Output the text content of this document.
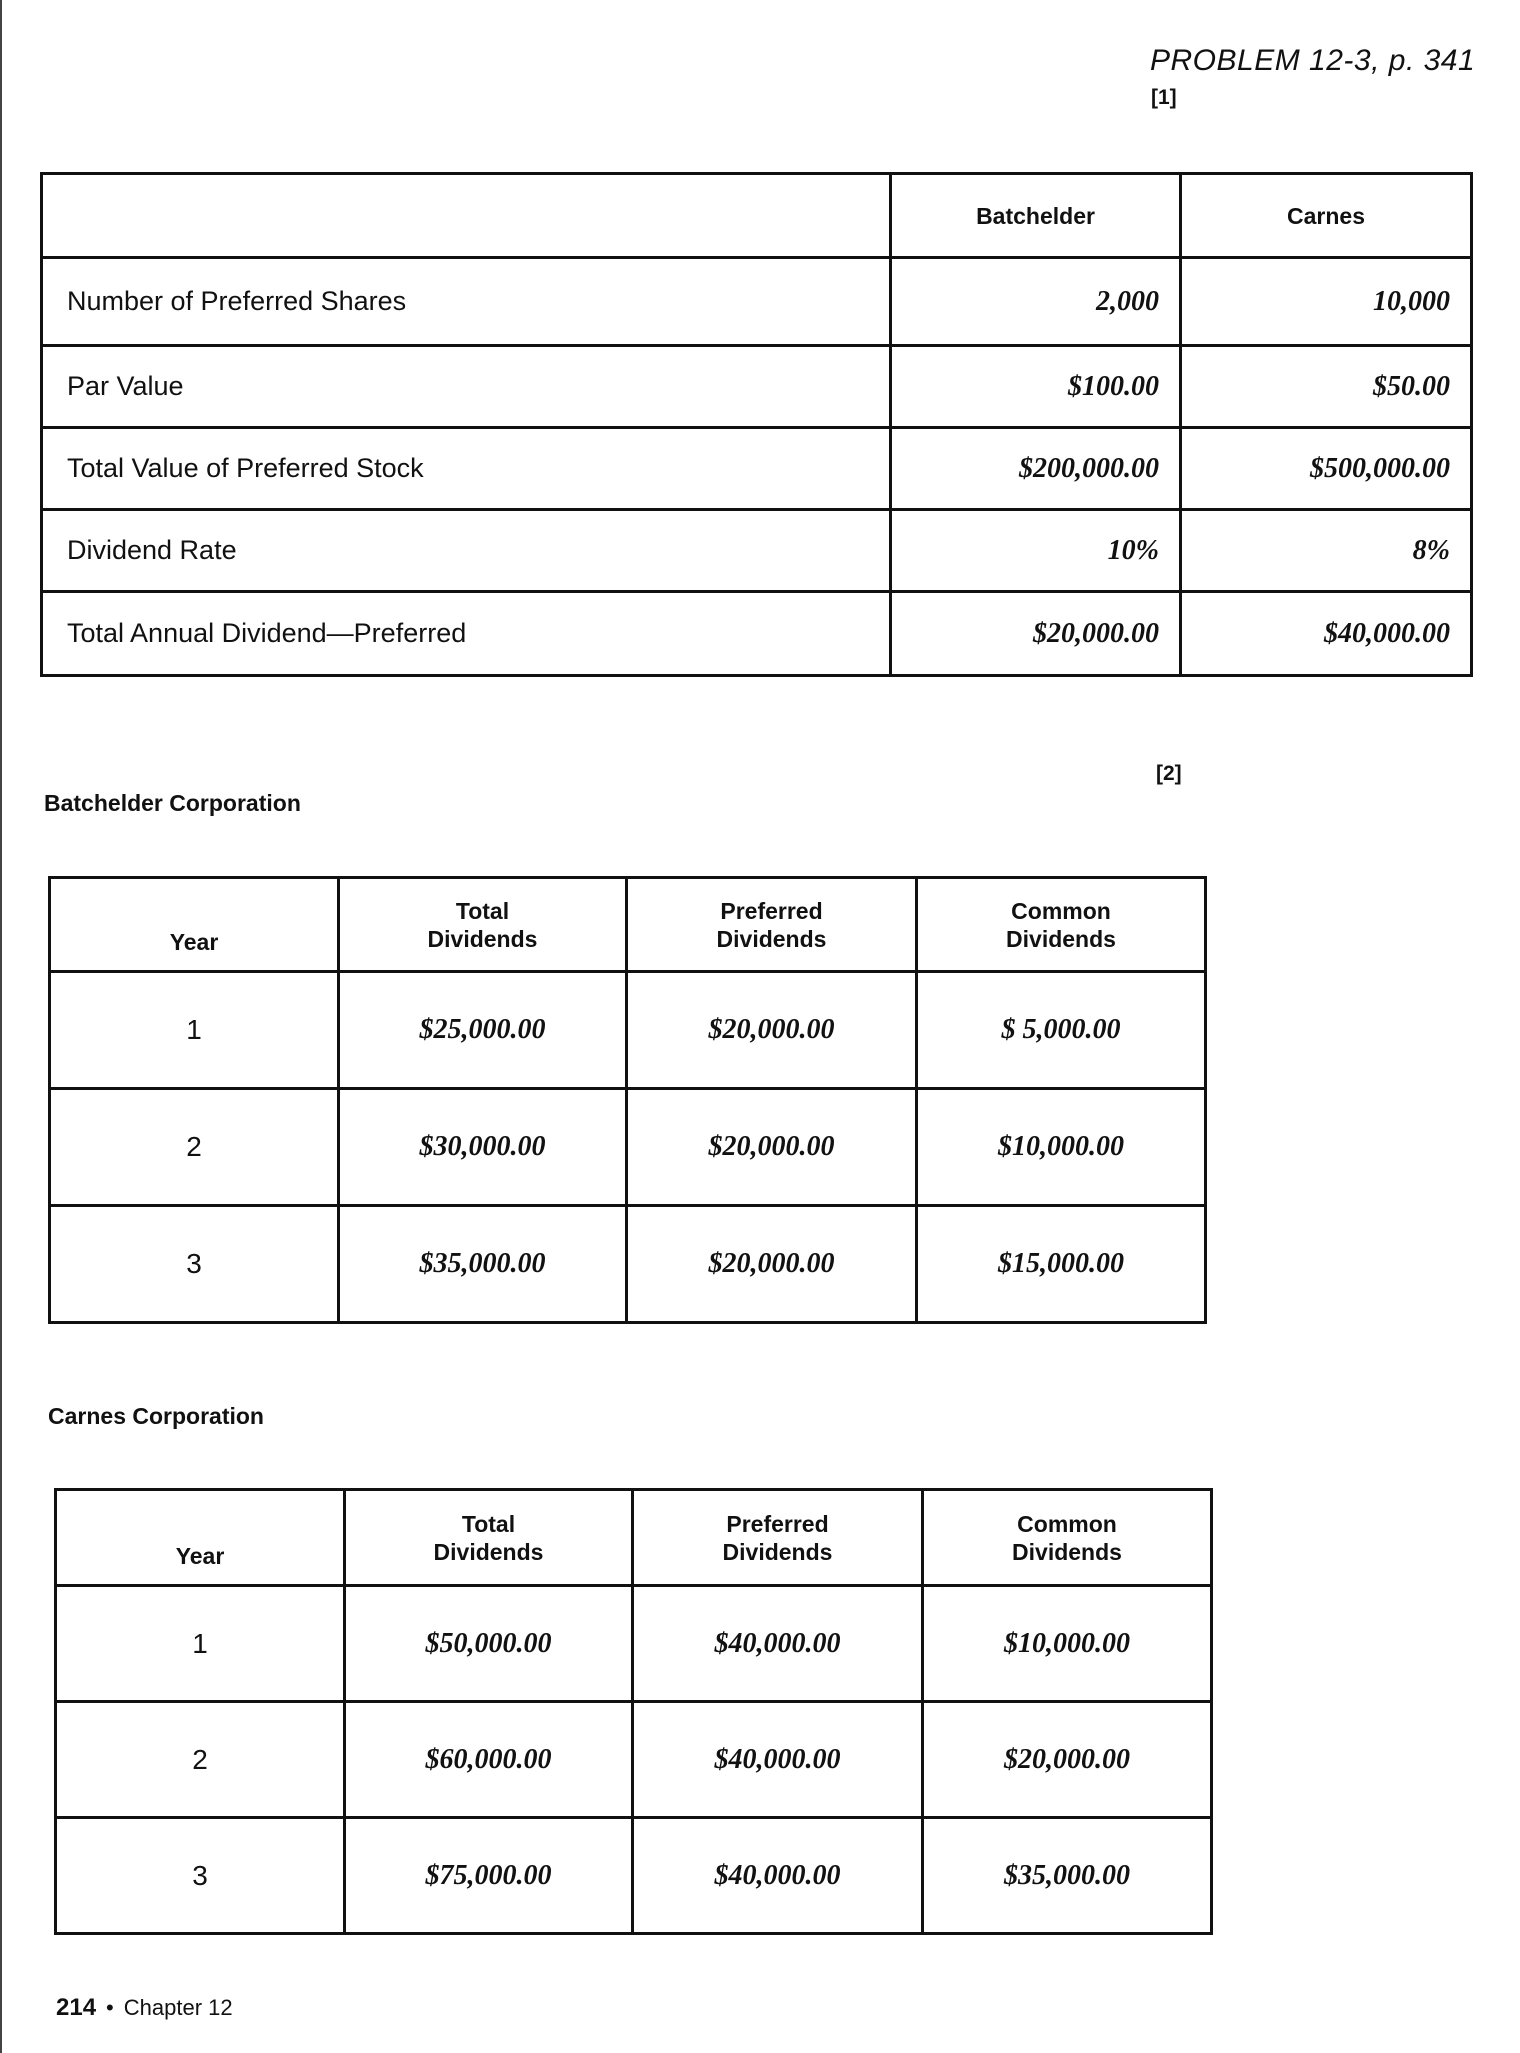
PROBLEM 12-3, p. 341
[1]
	Batchelder	Carnes
Number of Preferred Shares	2,000	10,000
Par Value	$100.00	$50.00
Total Value of Preferred Stock	$200,000.00	$500,000.00
Dividend Rate	10%	8%
Total Annual Dividend—Preferred	$20,000.00	$40,000.00
[2]
Batchelder Corporation
Year	Total Dividends	Preferred Dividends	Common Dividends
1	$25,000.00	$20,000.00	$ 5,000.00
2	$30,000.00	$20,000.00	$10,000.00
3	$35,000.00	$20,000.00	$15,000.00
Carnes Corporation
Year	Total Dividends	Preferred Dividends	Common Dividends
1	$50,000.00	$40,000.00	$10,000.00
2	$60,000.00	$40,000.00	$20,000.00
3	$75,000.00	$40,000.00	$35,000.00
214 • Chapter 12
